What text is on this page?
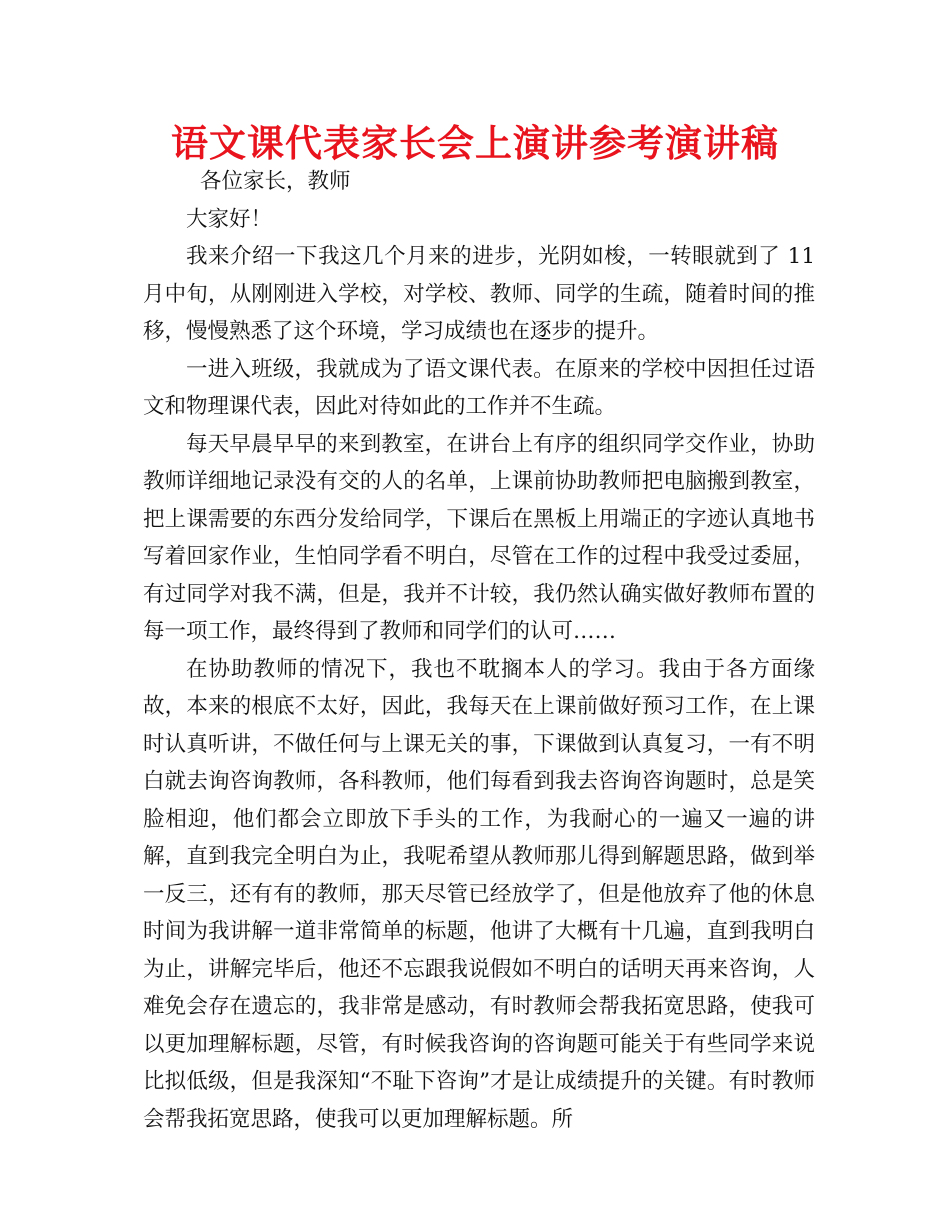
语文课代表家长会上演讲参考演讲稿

各位家长，教师

大家好！

我来介绍一下我这几个月来的进步，光阴如梭，一转眼就到了 11 月中旬，从刚刚进入学校，对学校、教师、同学的生疏，随着时间的推移，慢慢熟悉了这个环境，学习成绩也在逐步的提升。

一进入班级，我就成为了语文课代表。在原来的学校中因担任过语文和物理课代表，因此对待如此的工作并不生疏。

每天早晨早早的来到教室，在讲台上有序的组织同学交作业，协助教师详细地记录没有交的人的名单，上课前协助教师把电脑搬到教室，把上课需要的东西分发给同学，下课后在黑板上用端正的字迹认真地书写着回家作业，生怕同学看不明白，尽管在工作的过程中我受过委屈，有过同学对我不满，但是，我并不计较，我仍然认确实做好教师布置的每一项工作，最终得到了教师和同学们的认可……

在协助教师的情况下，我也不耽搁本人的学习。我由于各方面缘故，本来的根底不太好，因此，我每天在上课前做好预习工作，在上课时认真听讲，不做任何与上课无关的事，下课做到认真复习，一有不明白就去询咨询教师，各科教师，他们每看到我去咨询咨询题时，总是笑脸相迎，他们都会立即放下手头的工作，为我耐心的一遍又一遍的讲解，直到我完全明白为止，我呢希望从教师那儿得到解题思路，做到举一反三，还有有的教师，那天尽管已经放学了，但是他放弃了他的休息时间为我讲解一道非常简单的标题，他讲了大概有十几遍，直到我明白为止，讲解完毕后，他还不忘跟我说假如不明白的话明天再来咨询，人难免会存在遗忘的，我非常是感动，有时教师会帮我拓宽思路，使我可以更加理解标题，尽管，有时候我咨询的咨询题可能关于有些同学来说比拟低级，但是我深知“不耻下咨询”才是让成绩提升的关键。有时教师会帮我拓宽思路，使我可以更加理解标题。所
